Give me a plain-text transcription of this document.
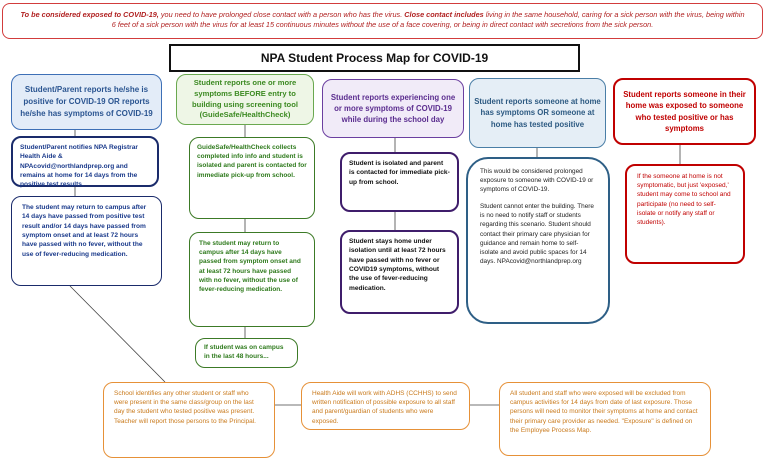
To be considered exposed to COVID-19, you need to have prolonged close contact with a person who has the virus. Close contact includes living in the same household, caring for a sick person with the virus, being within 6 feet of a sick person with the virus for at least 15 continuous minutes without the use of a face covering, or being in direct contact with secretions from the sick person.
NPA Student Process Map for COVID-19
Student/Parent reports he/she is positive for COVID-19 OR reports he/she has symptoms of COVID-19
Student/Parent notifies NPA Registrar Health Aide & NPAcovid@northlandprep.org and remains at home for 14 days from the positive test results.
The student may return to campus after 14 days have passed from positive test result and/or 14 days have passed from symptom onset and at least 72 hours have passed with no fever, without the use of fever-reducing medication.
Student reports one or more symptoms BEFORE entry to building using screening tool (GuideSafe/HealthCheck)
GuideSafe/HealthCheck collects completed info info and student is isolated and parent is contacted for immediate pick-up from school.
The student may return to campus after 14 days have passed from symptom onset and at least 72 hours have passed with no fever, without the use of fever-reducing medication.
If student was on campus in the last 48 hours...
Student reports experiencing one or more symptoms of COVID-19 while during the school day
Student is isolated and parent is contacted for immediate pick-up from school.
Student stays home under isolation until at least 72 hours have passed with no fever or COVID19 symptoms, without the use of fever-reducing medication.
Student reports someone at home has symptoms OR someone at home has tested positive
This would be considered prolonged exposure to someone with COVID-19 or symptoms of COVID-19.
Student cannot enter the building. There is no need to notify staff or students regarding this scenario. Student should contact their primary care physician for guidance and remain home to self-isolate and avoid public spaces for 14 days. NPAcovid@northlandprep.org
Student reports someone in their home was exposed to someone who tested positive or has symptoms
If the someone at home is not symptomatic, but just 'exposed,' student may come to school and participate (no need to self-isolate or notify any staff or students).
School identifies any other student or staff who were present in the same class/group on the last day the student who tested positive was present. Teacher will report those persons to the Principal.
Health Aide will work with ADHS (CCHHS) to send written notification of possible exposure to all staff and parent/guardian of students who were exposed.
All student and staff who were exposed will be excluded from campus activities for 14 days from date of last exposure. Those persons will need to monitor their symptoms at home and contact their primary care provider as needed. "Exposure" is defined on the Employee Process Map.
